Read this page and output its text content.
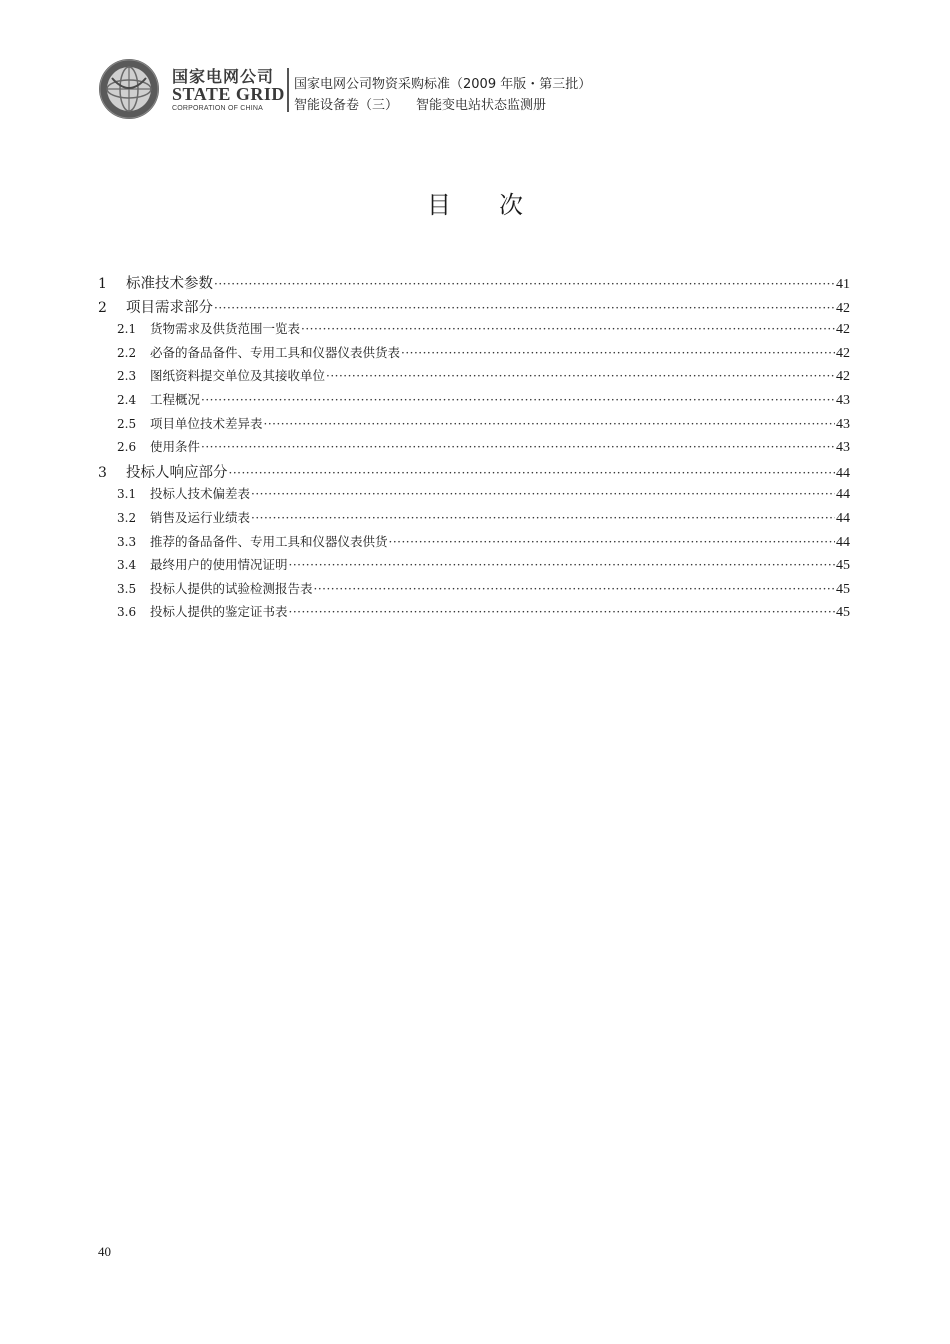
国家电网公司
STATE GRID
CORPORATION OF CHINA
国家电网公司物资采购标准（2009 年版・第三批）
智能设备卷（三） 智能变电站状态监测册
目次
1	标准技术参数 ·····	41
2	项目需求部分 ·····	42
2.1	货物需求及供货范围一览表 ·····	42
2.2	必备的备品备件、专用工具和仪器仪表供货表 ·····	42
2.3	图纸资料提交单位及其接收单位 ·····	42
2.4	工程概况 ·····	43
2.5	项目单位技术差异表 ·····	43
2.6	使用条件 ·····	43
3	投标人响应部分 ·····	44
3.1	投标人技术偏差表 ·····	44
3.2	销售及运行业绩表 ·····	44
3.3	推荐的备品备件、专用工具和仪器仪表供货 ·····	44
3.4	最终用户的使用情况证明 ·····	45
3.5	投标人提供的试验检测报告表 ·····	45
3.6	投标人提供的鉴定证书表 ·····	45
40
